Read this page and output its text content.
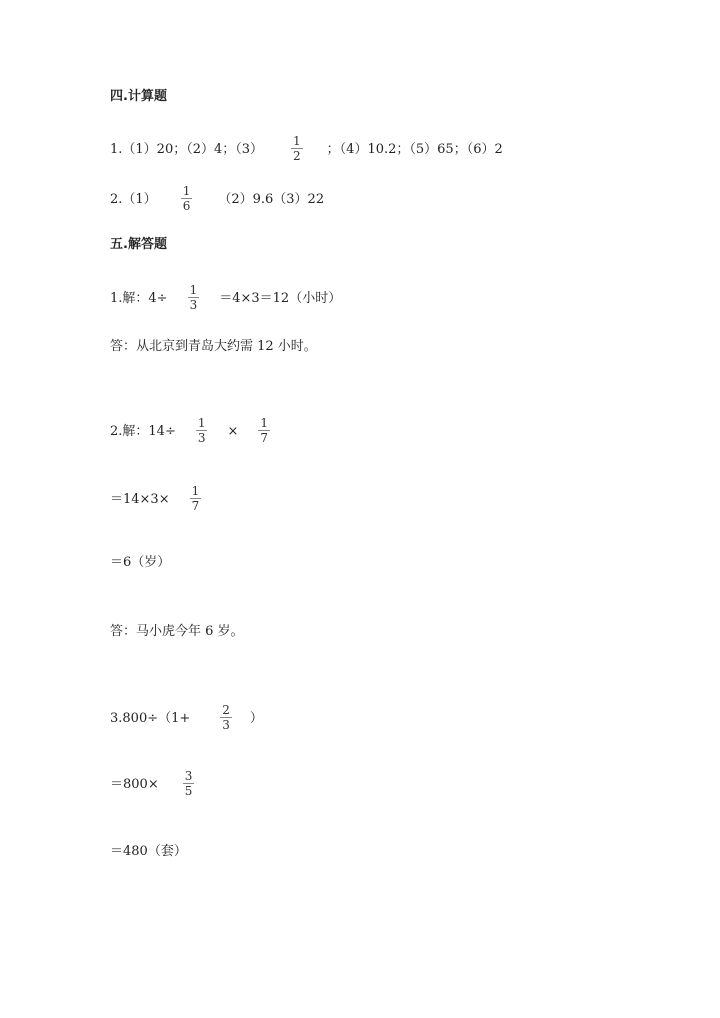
四.计算题
1.（1）20；（2）4；$(3) \frac{1}{2}$ ；（4）10.2；（5）65；（6）2
$2.(1) \frac{1}{6} (2)9.6(3)22$
五.解答题
1.解：$4\div \frac{1}{3} =4\times 3=12$（小时）
答：从北京到青岛大约需 12 小时。
2.解：$14\div \frac{1}{3} \times \frac{1}{7}$
$=14\times 3\times \frac{1}{7}$
＝6（岁）
答：马小虎今年 6 岁。
3.800÷（1+	$\frac{2}{3}$ ）
$=800\times \frac{3}{5}$
＝480（套）
